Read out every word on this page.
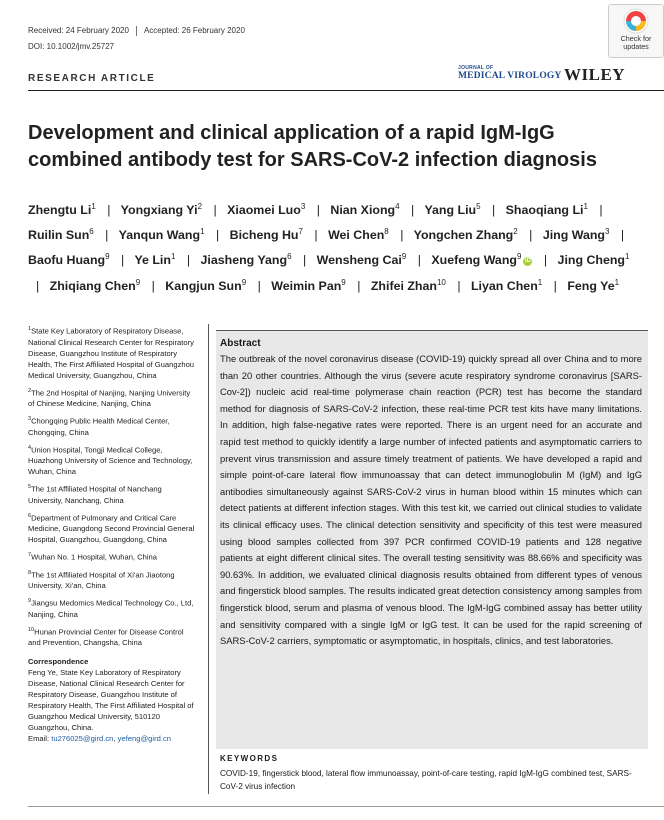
Received: 24 February 2020 Accepted: 26 February 2020
DOI: 10.1002/jmv.25727
Check for
updates
RESEARCH ARTICLE
JOURNAL OF
MEDICAL VIROLOGY WILEY
Development and clinical application of a rapid IgM-IgG
combined antibody test for SARS-CoV-2 infection diagnosis
Zhengtu Li$^1$ | Yongxiang Yi$^2$ | Xiaomei Luo$^3$ | Nian Xiong$^4$ | Yang Liu$^5$ | Shaoqiang Li$^1$ | Ruilin Sun$^6$ | Yanqun Wang$^1$ | Bicheng Hu$^7$ | Wei Chen$^8$ | Yongchen Zhang$^2$ | Jing Wang$^3$ | Baofu Huang$^9$ | Ye Lin$^1$ | Jiasheng Yang$^6$ | Wensheng Cai$^9$ | Xuefeng Wang$^9$iD | Jing Cheng$^1$ | Zhiqiang Chen$^9$ | Kangjun Sun$^9$ | Weimin Pan$^9$ | Zhifei Zhan$^{10}$ | Liyan Chen$^1$ | Feng Ye$^1$

$^1$State Key Laboratory of Respiratory Disease, National Clinical Research Center for Respiratory Disease, Guangzhou Institute of Respiratory Health, The First Affiliated Hospital of Guangzhou Medical University, Guangzhou, China

$^2$The 2nd Hospital of Nanjing, Nanjing University of Chinese Medicine, Nanjing, China

$^3$Chongqing Public Health Medical Center, Chongqing, China

$^4$Union Hospital, Tongji Medical College, Huazhong University of Science and Technology, Wuhan, China

$^5$The 1st Affiliated Hospital of Nanchang University, Nanchang, China

$^6$Department of Pulmonary and Critical Care Medicine, Guangdong Second Provincial General Hospital, Guangzhou, Guangdong, China

$^7$Wuhan No. 1 Hospital, Wuhan, China

$^8$The 1st Affiliated Hospital of Xi'an Jiaotong University, Xi'an, China

$^9$Jiangsu Medomics Medical Technology Co., Ltd, Nanjing, China

$^{10}$Hunan Provincial Center for Disease Control and Prevention, Changsha, China

Correspondence
Feng Ye, State Key Laboratory of Respiratory Disease, National Clinical Research Center for Respiratory Disease, Guangzhou Institute of Respiratory Health, The First Affiliated Hospital of Guangzhou Medical University, 510120 Guangzhou, China.
Email: tu276025@gird.cn, yefeng@gird.cn

Abstract

The outbreak of the novel coronavirus disease (COVID-19) quickly spread all over China and to more than 20 other countries. Although the virus (severe acute respiratory syndrome coronavirus [SARS-Cov-2]) nucleic acid real-time polymerase chain reaction (PCR) test has become the standard method for diagnosis of SARS-CoV-2 infection, these real-time PCR test kits have many limitations. In addition, high false-negative rates were reported. There is an urgent need for an accurate and rapid test method to quickly identify a large number of infected patients and asymptomatic carriers to prevent virus transmission and assure timely treatment of patients. We have developed a rapid and simple point-of-care lateral flow immunoassay that can detect immunoglobulin M (IgM) and IgG antibodies simultaneously against SARS-CoV-2 virus in human blood within 15 minutes which can detect patients at different infection stages. With this test kit, we carried out clinical studies to validate its clinical efficacy uses. The clinical detection sensitivity and specificity of this test were measured using blood samples collected from 397 PCR confirmed COVID-19 patients and 128 negative patients at eight different clinical sites. The overall testing sensitivity was 88.66% and specificity was 90.63%. In addition, we evaluated clinical diagnosis results obtained from different types of venous and fingerstick blood samples. The results indicated great detection consistency among samples from fingerstick blood, serum and plasma of venous blood. The IgM-IgG combined assay has better utility and sensitivity compared with a single IgM or IgG test. It can be used for the rapid screening of SARS-CoV-2 carriers, symptomatic or asymptomatic, in hospitals, clinics, and test laboratories.

KEYWORDS
COVID-19, fingerstick blood, lateral flow immunoassay, point-of-care testing, rapid IgM-IgG combined test, SARS-CoV-2 virus infection
